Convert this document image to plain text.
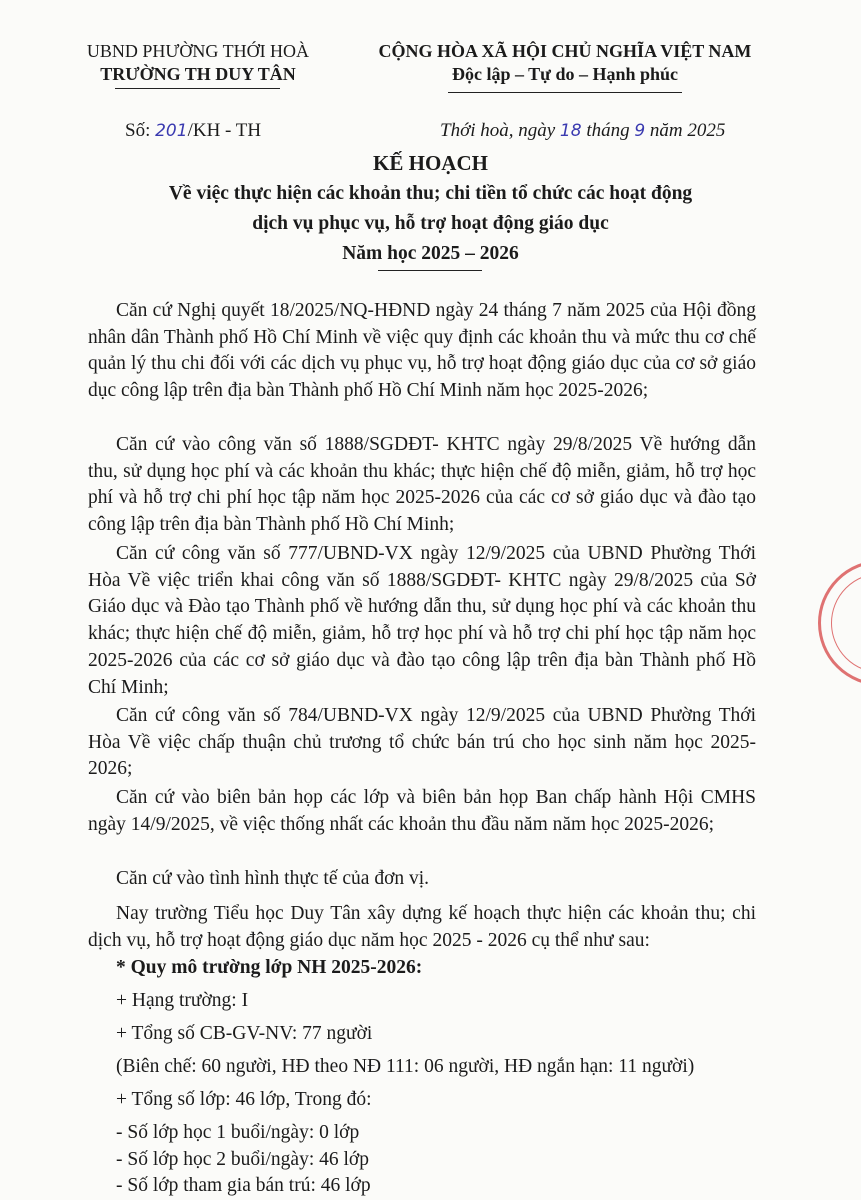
UBND PHƯỜNG THỚI HOÀ
TRƯỜNG TH DUY TÂN
CỘNG HÒA XÃ HỘI CHỦ NGHĨA VIỆT NAM
Độc lập – Tự do – Hạnh phúc
Số: 201/KH - TH	Thới hoà, ngày 18 tháng 9 năm 2025
KẾ HOẠCH
Về việc thực hiện các khoản thu; chi tiền tổ chức các hoạt động
dịch vụ phục vụ, hỗ trợ hoạt động giáo dục
Năm học 2025 – 2026
Căn cứ Nghị quyết 18/2025/NQ-HĐND ngày 24 tháng 7 năm 2025 của Hội đồng nhân dân Thành phố Hồ Chí Minh về việc quy định các khoản thu và mức thu cơ chế quản lý thu chi đối với các dịch vụ phục vụ, hỗ trợ hoạt động giáo dục của cơ sở giáo dục công lập trên địa bàn Thành phố Hồ Chí Minh năm học 2025-2026;
Căn cứ vào công văn số 1888/SGDĐT- KHTC ngày 29/8/2025 Về hướng dẫn thu, sử dụng học phí và các khoản thu khác; thực hiện chế độ miễn, giảm, hỗ trợ học phí và hỗ trợ chi phí học tập năm học 2025-2026 của các cơ sở giáo dục và đào tạo công lập trên địa bàn Thành phố Hồ Chí Minh;
Căn cứ công văn số 777/UBND-VX ngày 12/9/2025 của UBND Phường Thới Hòa Về việc triển khai công văn số 1888/SGDĐT- KHTC ngày 29/8/2025 của Sở Giáo dục và Đào tạo Thành phố về hướng dẫn thu, sử dụng học phí và các khoản thu khác; thực hiện chế độ miễn, giảm, hỗ trợ học phí và hỗ trợ chi phí học tập năm học 2025-2026 của các cơ sở giáo dục và đào tạo công lập trên địa bàn Thành phố Hồ Chí Minh;
Căn cứ công văn số 784/UBND-VX ngày 12/9/2025 của UBND Phường Thới Hòa Về việc chấp thuận chủ trương tổ chức bán trú cho học sinh năm học 2025-2026;
Căn cứ vào biên bản họp các lớp và biên bản họp Ban chấp hành Hội CMHS ngày 14/9/2025, về việc thống nhất các khoản thu đầu năm năm học 2025-2026;
Căn cứ vào tình hình thực tế của đơn vị.
Nay trường Tiểu học Duy Tân xây dựng kế hoạch thực hiện các khoản thu; chi dịch vụ, hỗ trợ hoạt động giáo dục năm học 2025 - 2026 cụ thể như sau:
* Quy mô trường lớp NH 2025-2026:
+ Hạng trường: I
+ Tổng số CB-GV-NV: 77 người
(Biên chế: 60 người, HĐ theo NĐ 111: 06 người, HĐ ngắn hạn: 11 người)
+ Tổng số lớp: 46 lớp, Trong đó:
- Số lớp học 1 buổi/ngày: 0 lớp
- Số lớp học 2 buổi/ngày: 46 lớp
- Số lớp tham gia bán trú: 46 lớp
